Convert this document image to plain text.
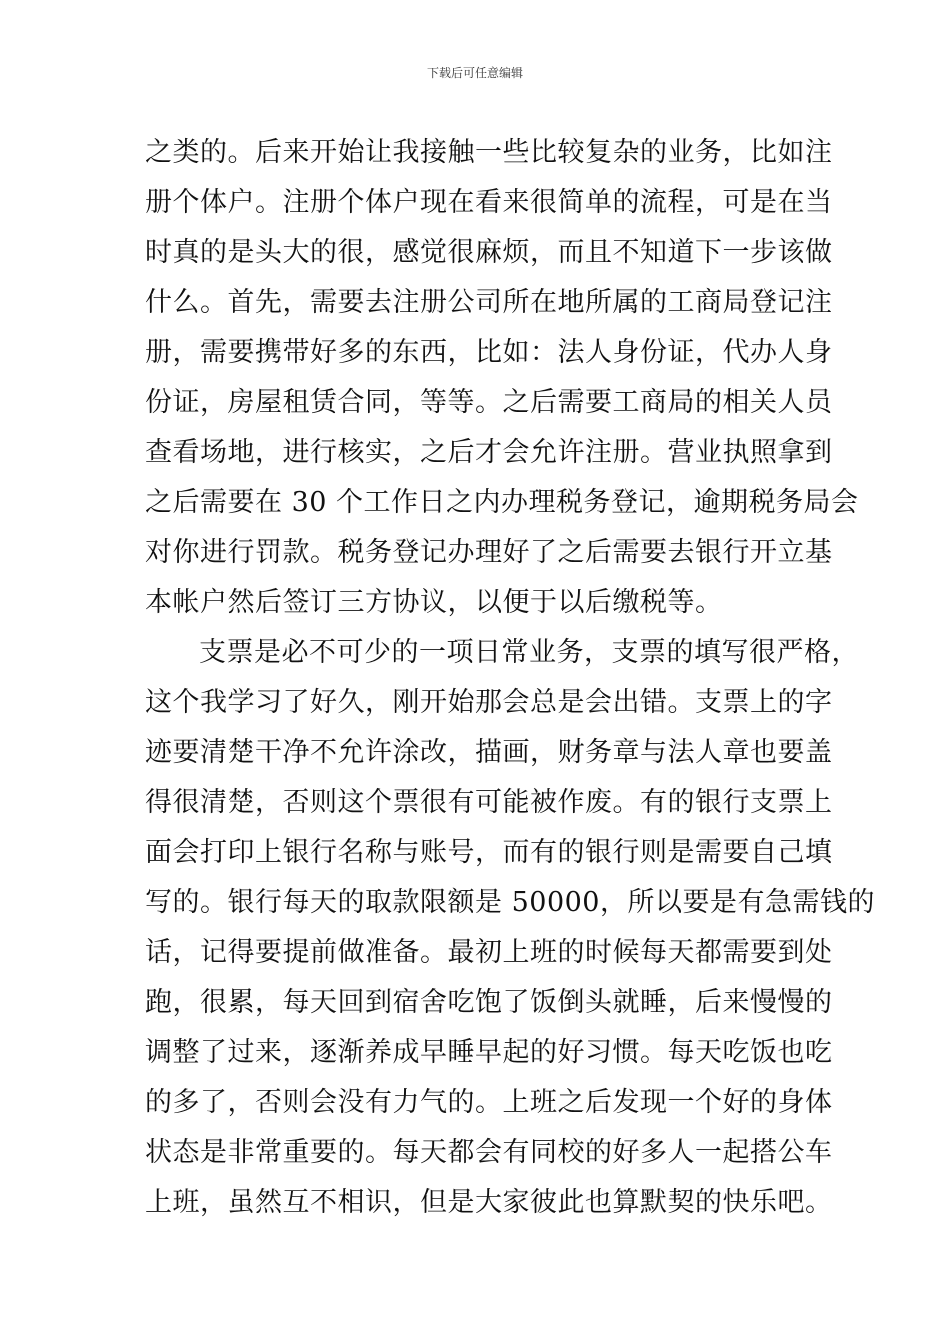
下载后可任意编辑
之类的。后来开始让我接触一些比较复杂的业务，比如注
册个体户。注册个体户现在看来很简单的流程，可是在当
时真的是头大的很，感觉很麻烦，而且不知道下一步该做
什么。首先，需要去注册公司所在地所属的工商局登记注
册，需要携带好多的东西，比如：法人身份证，代办人身
份证，房屋租赁合同，等等。之后需要工商局的相关人员
查看场地，进行核实，之后才会允许注册。营业执照拿到
之后需要在 30 个工作日之内办理税务登记，逾期税务局会
对你进行罚款。税务登记办理好了之后需要去银行开立基
本帐户然后签订三方协议，以便于以后缴税等。
支票是必不可少的一项日常业务，支票的填写很严格，
这个我学习了好久，刚开始那会总是会出错。支票上的字
迹要清楚干净不允许涂改，描画，财务章与法人章也要盖
得很清楚，否则这个票很有可能被作废。有的银行支票上
面会打印上银行名称与账号，而有的银行则是需要自己填
写的。银行每天的取款限额是 50000，所以要是有急需钱的
话，记得要提前做准备。最初上班的时候每天都需要到处
跑，很累，每天回到宿舍吃饱了饭倒头就睡，后来慢慢的
调整了过来，逐渐养成早睡早起的好习惯。每天吃饭也吃
的多了，否则会没有力气的。上班之后发现一个好的身体
状态是非常重要的。每天都会有同校的好多人一起搭公车
上班，虽然互不相识，但是大家彼此也算默契的快乐吧。
